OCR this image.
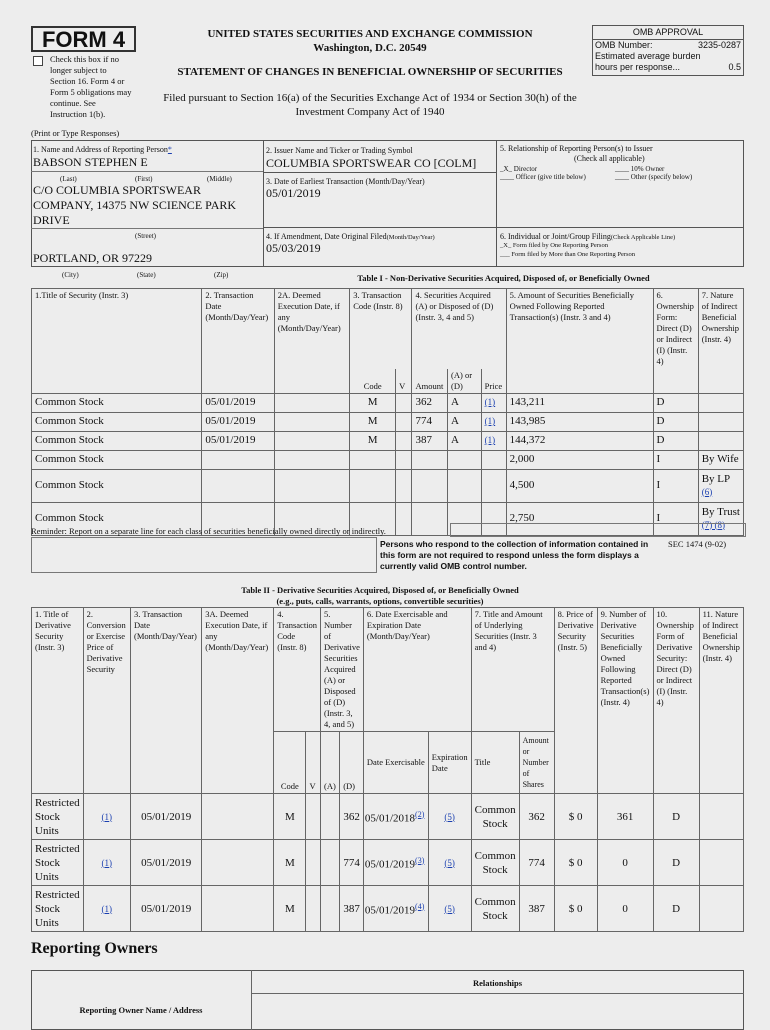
FORM 4
Check this box if no longer subject to Section 16. Form 4 or Form 5 obligations may continue. See Instruction 1(b).
UNITED STATES SECURITIES AND EXCHANGE COMMISSION
Washington, D.C. 20549
STATEMENT OF CHANGES IN BENEFICIAL OWNERSHIP OF SECURITIES
Filed pursuant to Section 16(a) of the Securities Exchange Act of 1934 or Section 30(h) of the Investment Company Act of 1940
OMB APPROVAL
OMB Number:	3235-0287
Estimated average burden
hours per response...	0.5
(Print or Type Responses)
1. Name and Address of Reporting Person*
BABSON STEPHEN E
(Last)	(First)	(Middle)
C/O COLUMBIA SPORTSWEAR COMPANY, 14375 NW SCIENCE PARK DRIVE
(Street)
PORTLAND, OR 97229
(City)	(State)	(Zip)
2. Issuer Name and Ticker or Trading Symbol
COLUMBIA SPORTSWEAR CO [COLM]
3. Date of Earliest Transaction (Month/Day/Year)
05/01/2019
4. If Amendment, Date Original Filed(Month/Day/Year)
05/03/2019
5. Relationship of Reporting Person(s) to Issuer
(Check all applicable)
_X_ Director	____ 10% Owner
____ Officer (give title below)	____ Other (specify below)
6. Individual or Joint/Group Filing(Check Applicable Line)
_X_ Form filed by One Reporting Person
___ Form filed by More than One Reporting Person
Table I - Non-Derivative Securities Acquired, Disposed of, or Beneficially Owned
1.Title of Security (Instr. 3)	2. Transaction Date (Month/Day/Year)	2A. Deemed Execution Date, if any (Month/Day/Year)	3. Transaction Code (Instr. 8)		4. Securities Acquired (A) or Disposed of (D) (Instr. 3, 4 and 5)			5. Amount of Securities Beneficially Owned Following Reported Transaction(s) (Instr. 3 and 4)	6. Ownership Form: Direct (D) or Indirect (I) (Instr. 4)	7. Nature of Indirect Beneficial Ownership (Instr. 4)
			Code	V	Amount	(A) or (D)	Price			
Common Stock	05/01/2019		M		362	A	(1)	143,211	D	
Common Stock	05/01/2019		M		774	A	(1)	143,985	D	
Common Stock	05/01/2019		M		387	A	(1)	144,372	D	
Common Stock								2,000	I	By Wife

Common Stock								4,500	I	By LP
(6)
Common Stock								2,750	I	By Trust
(7) (8)
Reminder: Report on a separate line for each class of securities beneficially owned directly or indirectly.
Persons who respond to the collection of information contained in this form are not required to respond unless the form displays a currently valid OMB control number.
SEC 1474 (9-02)
Table II - Derivative Securities Acquired, Disposed of, or Beneficially Owned
(e.g., puts, calls, warrants, options, convertible securities)
1. Title of Derivative Security (Instr. 3)	2. Conversion or Exercise Price of Derivative Security	3. Transaction Date (Month/Day/Year)	3A. Deemed Execution Date, if any (Month/Day/Year)	4. Transaction Code (Instr. 8)		5. Number of Derivative Securities Acquired (A) or Disposed of (D) (Instr. 3, 4, and 5)		6. Date Exercisable and Expiration Date (Month/Day/Year)		7. Title and Amount of Underlying Securities (Instr. 3 and 4)		8. Price of Derivative Security (Instr. 5)	9. Number of Derivative Securities Beneficially Owned Following Reported Transaction(s) (Instr. 4)	10. Ownership Form of Derivative Security: Direct (D) or Indirect (I) (Instr. 4)	11. Nature of Indirect Beneficial Ownership (Instr. 4)
				Code	V	(A)	(D)	Date Exercisable	Expiration Date	Title	Amount or Number of Shares				
Restricted Stock Units	(1)	05/01/2019		M			362	05/01/2018$^{(2)}$	(5)	Common Stock	362	$ 0	361	D	
Restricted Stock Units	(1)	05/01/2019		M			774	05/01/2019$^{(3)}$	(5)	Common Stock	774	$ 0	0	D	
Restricted Stock Units	(1)	05/01/2019		M			387	05/01/2019$^{(4)}$	(5)	Common Stock	387	$ 0	0	D	
Reporting Owners
Relationships
Reporting Owner Name / Address
